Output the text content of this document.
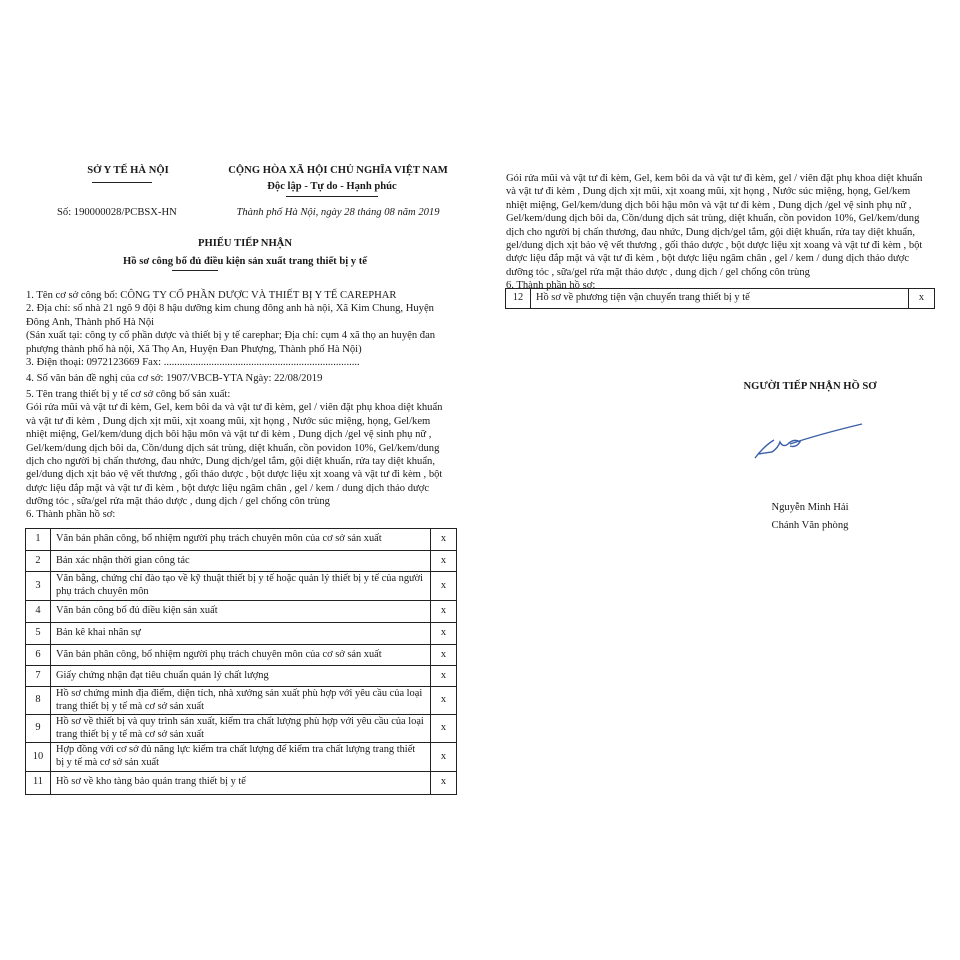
SỞ Y TẾ HÀ NỘI	CỘNG HÒA XÃ HỘI CHỦ NGHĨA VIỆT NAM
Độc lập - Tự do - Hạnh phúc
Số: 190000028/PCBSX-HN	Thành phố Hà Nội, ngày 28 tháng 08 năm 2019
PHIẾU TIẾP NHẬN
Hồ sơ công bố đủ điều kiện sản xuất trang thiết bị y tế
1. Tên cơ sở công bố: CÔNG TY CỔ PHẦN DƯỢC VÀ THIẾT BỊ Y TẾ CAREPHAR
2. Địa chỉ: số nhà 21 ngõ 9 đội 8 hậu dưỡng kim chung đông anh hà nội, Xã Kim Chung, Huyện
Đông Anh, Thành phố Hà Nội
(Sản xuất tại: công ty cổ phần dược và thiết bị y tế carephar; Địa chỉ: cụm 4 xã thọ an huyện đan
phượng thành phố hà nội, Xã Thọ An, Huyện Đan Phượng, Thành phố Hà Nội)
3. Điện thoại: 0972123669 Fax: ..........................................................................
4. Số văn bản đề nghị của cơ sở: 1907/VBCB-YTA Ngày: 22/08/2019
5. Tên trang thiết bị y tế cơ sở công bố sản xuất:
Gói rửa mũi và vật tư đi kèm, Gel, kem bôi da và vật tư đi kèm, gel / viên đặt phụ khoa diệt khuẩn
và vật tư đi kèm , Dung dịch xịt mũi, xịt xoang mũi, xịt họng , Nước súc miệng, họng, Gel/kem
nhiệt miệng, Gel/kem/dung dịch bôi hậu môn và vật tư đi kèm , Dung dịch /gel vệ sinh phụ nữ ,
Gel/kem/dung dịch bôi da, Cồn/dung dịch sát trùng, diệt khuẩn, cồn povidon 10%, Gel/kem/dung
dịch cho người bị chấn thương, đau nhức, Dung dịch/gel tắm, gội diệt khuẩn, rửa tay diệt khuẩn,
gel/dung dịch xịt bảo vệ vết thương , gối thảo dược , bột dược liệu xịt xoang và vật tư đi kèm , bột
dược liệu đắp mặt và vật tư đi kèm , bột dược liệu ngâm chân , gel / kem / dung dịch thảo dược
dưỡng tóc , sữa/gel rửa mặt thảo dược , dung dịch / gel chống côn trùng
6. Thành phần hồ sơ:
1	Văn bản phân công, bổ nhiệm người phụ trách chuyên môn của cơ sở sản xuất	x
2	Bản xác nhận thời gian công tác	x
3	Văn bằng, chứng chỉ đào tạo về kỹ thuật thiết bị y tế hoặc quản lý thiết bị y tế của người phụ trách chuyên môn	x
4	Văn bản công bố đủ điều kiện sản xuất	x
5	Bản kê khai nhân sự	x
6	Văn bản phân công, bổ nhiệm người phụ trách chuyên môn của cơ sở sản xuất	x
7	Giấy chứng nhận đạt tiêu chuẩn quản lý chất lượng	x
8	Hồ sơ chứng minh địa điểm, diện tích, nhà xưởng sản xuất phù hợp với yêu cầu của loại trang thiết bị y tế mà cơ sở sản xuất	x
9	Hồ sơ về thiết bị và quy trình sản xuất, kiểm tra chất lượng phù hợp với yêu cầu của loại trang thiết bị y tế mà cơ sở sản xuất	x
10	Hợp đồng với cơ sở đủ năng lực kiểm tra chất lượng để kiểm tra chất lượng trang thiết bị y tế mà cơ sở sản xuất	x
11	Hồ sơ về kho tàng bảo quản trang thiết bị y tế	x
Gói rửa mũi và vật tư đi kèm, Gel, kem bôi da và vật tư đi kèm, gel / viên đặt phụ khoa diệt khuẩn
và vật tư đi kèm , Dung dịch xịt mũi, xịt xoang mũi, xịt họng , Nước súc miệng, họng, Gel/kem
nhiệt miệng, Gel/kem/dung dịch bôi hậu môn và vật tư đi kèm , Dung dịch /gel vệ sinh phụ nữ ,
Gel/kem/dung dịch bôi da, Cồn/dung dịch sát trùng, diệt khuẩn, cồn povidon 10%, Gel/kem/dung
dịch cho người bị chấn thương, đau nhức, Dung dịch/gel tắm, gội diệt khuẩn, rửa tay diệt khuẩn,
gel/dung dịch xịt bảo vệ vết thương , gối thảo dược , bột dược liệu xịt xoang và vật tư đi kèm , bột
dược liệu đắp mặt và vật tư đi kèm , bột dược liệu ngâm chân , gel / kem / dung dịch thảo dược
dưỡng tóc , sữa/gel rửa mặt thảo dược , dung dịch / gel chống côn trùng
6. Thành phần hồ sơ:
12	Hồ sơ về phương tiện vận chuyển trang thiết bị y tế	x
NGƯỜI TIẾP NHẬN HỒ SƠ
Nguyễn Minh Hải
Chánh Văn phòng
